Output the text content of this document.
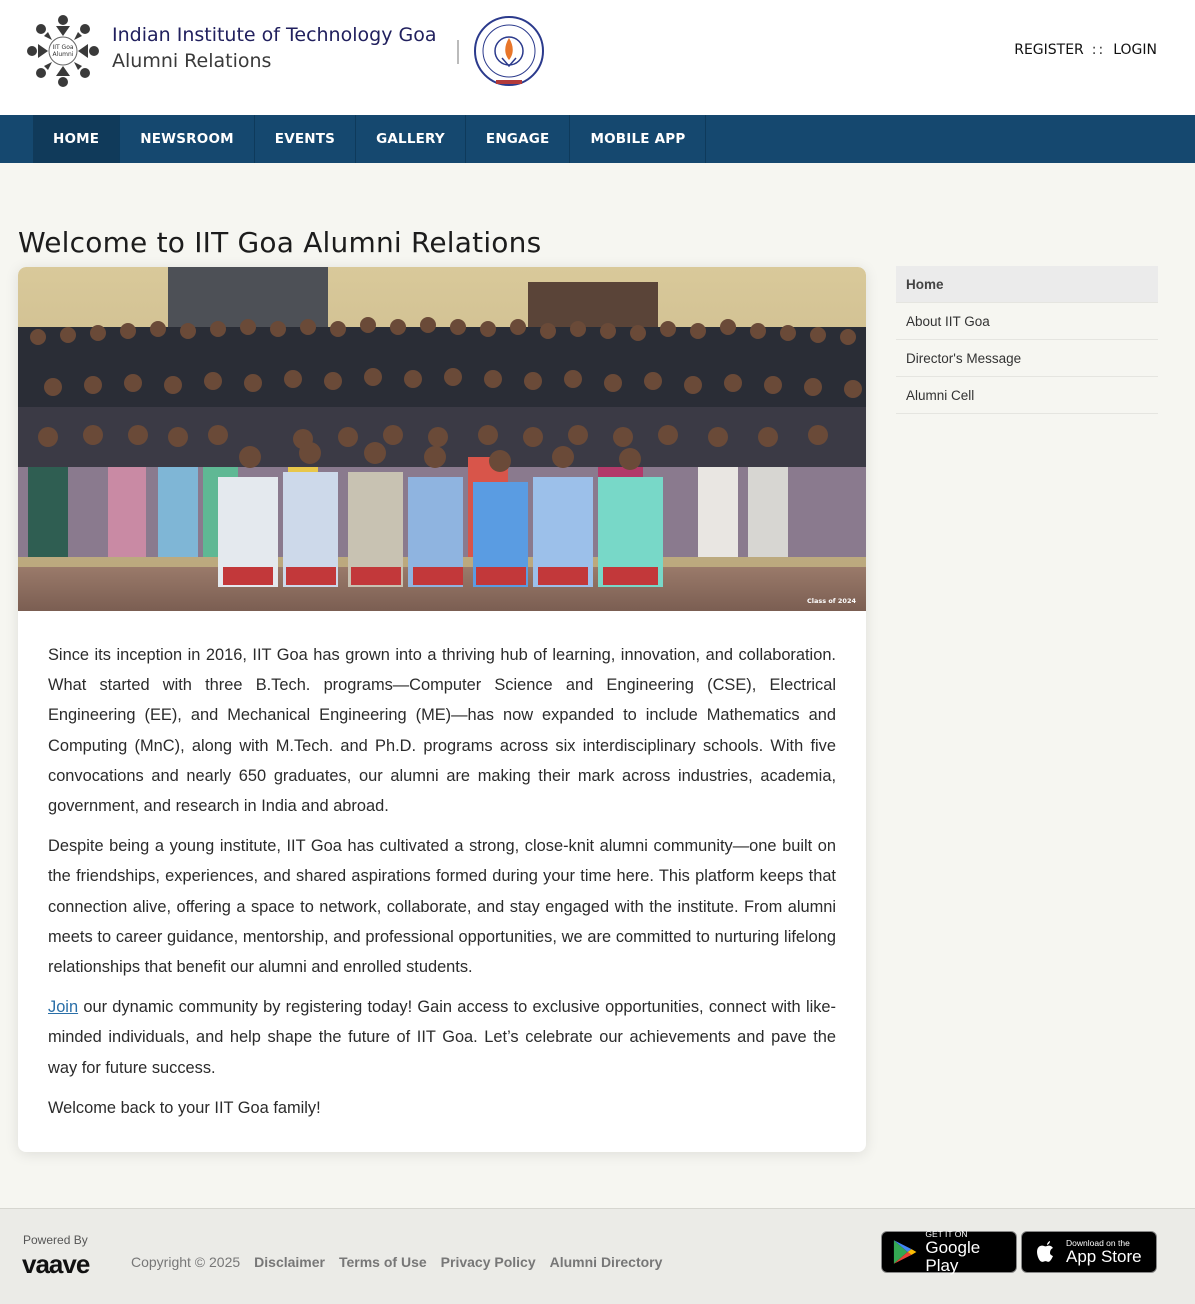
IIT Goa
Alumni
Indian Institute of Technology Goa
Alumni Relations	REGISTER :: LOGIN
HOME	NEWSROOM	EVENTS	GALLERY	ENGAGE	MOBILE APP
Welcome to IIT Goa Alumni Relations
Class of 2024

Since its inception in 2016, IIT Goa has grown into a thriving hub of learning, innovation, and collaboration. What started with three B.Tech. programs—Computer Science and Engineering (CSE), Electrical Engineering (EE), and Mechanical Engineering (ME)—has now expanded to include Mathematics and Computing (MnC), along with M.Tech. and Ph.D. programs across six interdisciplinary schools. With five convocations and nearly 650 graduates, our alumni are making their mark across industries, academia, government, and research in India and abroad.

Despite being a young institute, IIT Goa has cultivated a strong, close-knit alumni community—one built on the friendships, experiences, and shared aspirations formed during your time here. This platform keeps that connection alive, offering a space to network, collaborate, and stay engaged with the institute. From alumni meets to career guidance, mentorship, and professional opportunities, we are committed to nurturing lifelong relationships that benefit our alumni and enrolled students.

Join our dynamic community by registering today! Gain access to exclusive opportunities, connect with like-minded individuals, and help shape the future of IIT Goa. Let’s celebrate our achievements and pave the way for future success.

Welcome back to your IIT Goa family!

Home
About IIT Goa
Director's Message
Alumni Cell
Powered By
vaave	Copyright © 2025 Disclaimer Terms of Use Privacy Policy Alumni Directory
GET IT ON
Google Play
Download on the
App Store
